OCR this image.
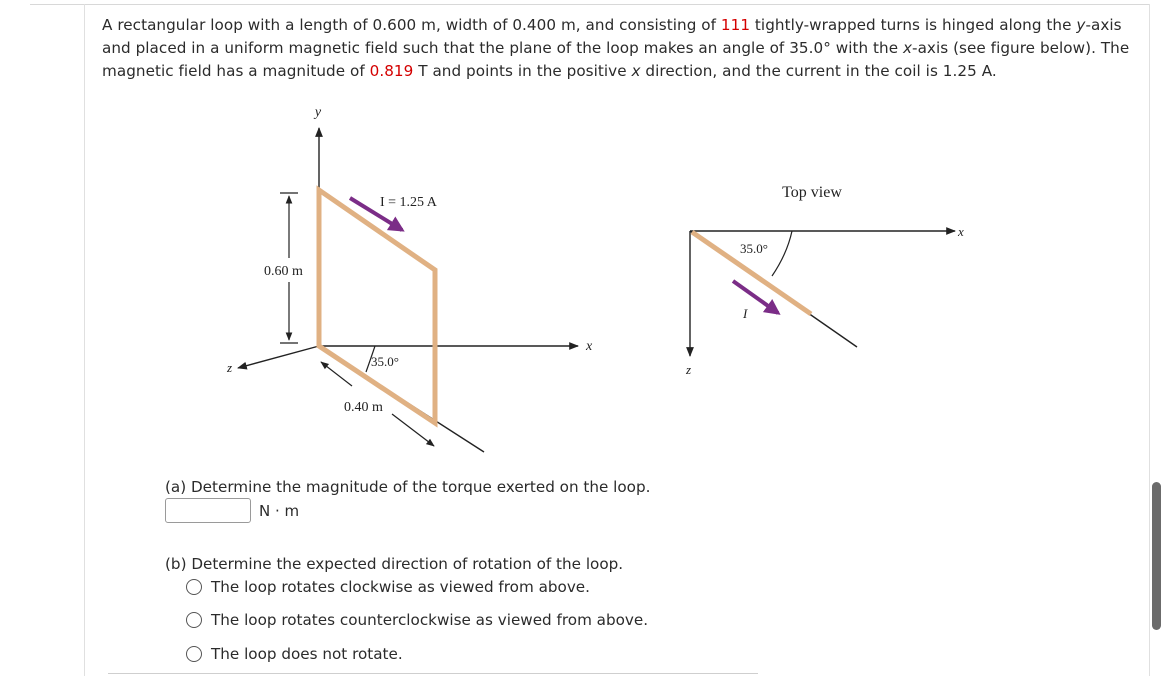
A rectangular loop with a length of 0.600 m, width of 0.400 m, and consisting of 111 tightly-wrapped turns is hinged along the y-axis and placed in a uniform magnetic field such that the plane of the loop makes an angle of 35.0° with the x-axis (see figure below). The magnetic field has a magnitude of 0.819 T and points in the positive x direction, and the current in the coil is 1.25 A.

y
x
z
I = 1.25 A
0.60 m
0.40 m
35.0°
Top view
x
z
35.0°
I

(a) Determine the magnitude of the torque exerted on the loop.

N · m

(b) Determine the expected direction of rotation of the loop.

The loop rotates clockwise as viewed from above.
The loop rotates counterclockwise as viewed from above.
The loop does not rotate.
